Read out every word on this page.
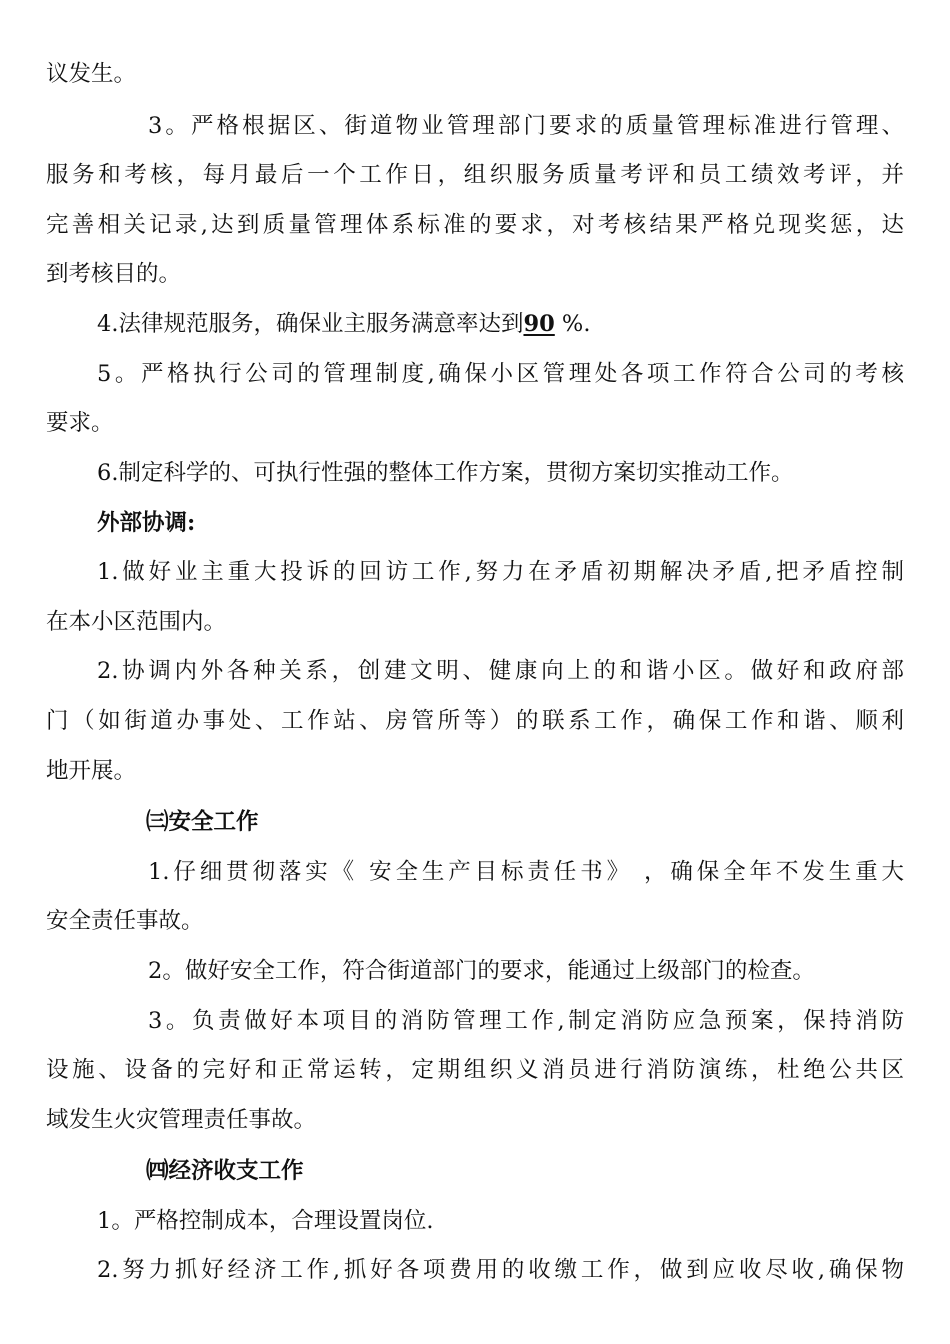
议发生。
3。严格根据区、街道物业管理部门要求的质量管理标准进行管理、
服务和考核，每月最后一个工作日，组织服务质量考评和员工绩效考评，并
完善相关记录,达到质量管理体系标准的要求，对考核结果严格兑现奖惩，达
到考核目的。
4.法律规范服务，确保业主服务满意率达到90 %.
5。严格执行公司的管理制度,确保小区管理处各项工作符合公司的考核
要求。
6.制定科学的、可执行性强的整体工作方案，贯彻方案切实推动工作。
外部协调:
1.做好业主重大投诉的回访工作,努力在矛盾初期解决矛盾,把矛盾控制
在本小区范围内。
2.协调内外各种关系，创建文明、健康向上的和谐小区。做好和政府部
门（如街道办事处、工作站、房管所等）的联系工作，确保工作和谐、顺利
地开展。
㈢安全工作
1.仔细贯彻落实《 安全生产目标责任书》 ，确保全年不发生重大
安全责任事故。
2。做好安全工作，符合街道部门的要求，能通过上级部门的检查。
3。负责做好本项目的消防管理工作,制定消防应急预案，保持消防
设施、设备的完好和正常运转，定期组织义消员进行消防演练，杜绝公共区
域发生火灾管理责任事故。
㈣经济收支工作
1。严格控制成本，合理设置岗位.
2.努力抓好经济工作,抓好各项费用的收缴工作，做到应收尽收,确保物
